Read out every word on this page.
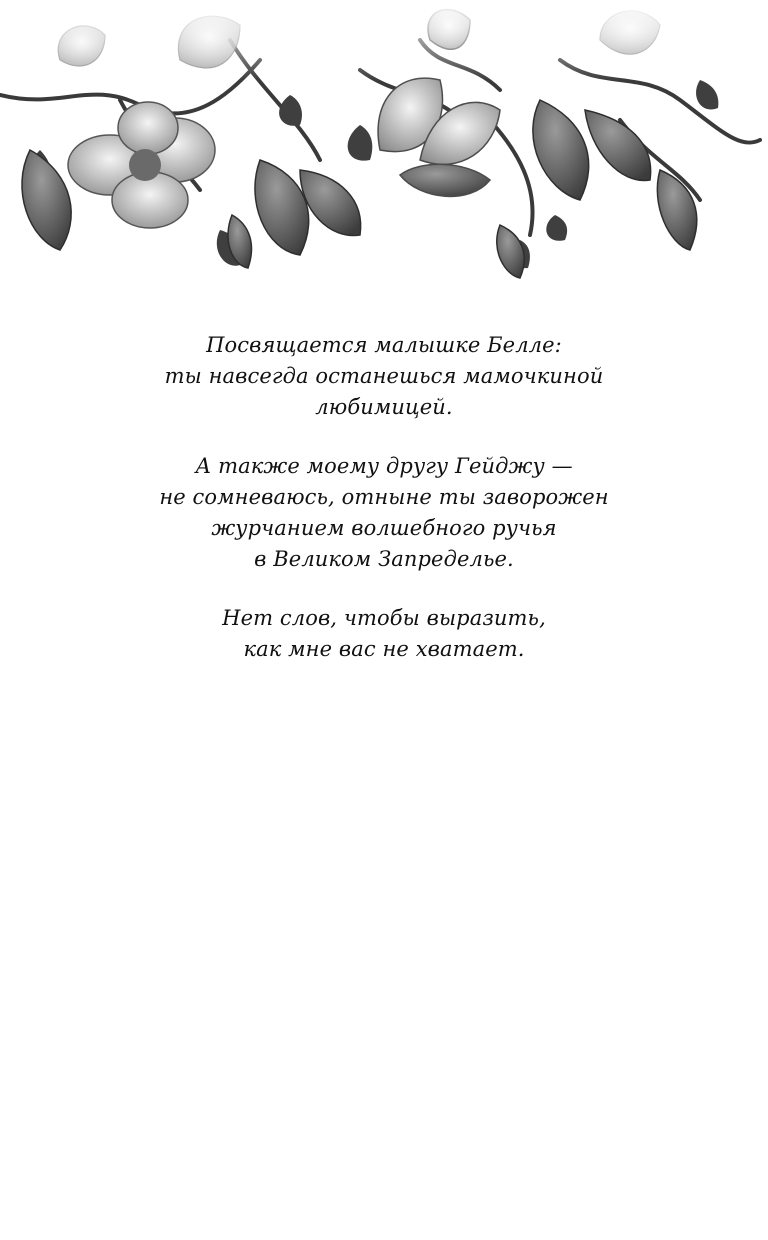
Посвящается малышке Белле:
ты навсегда останешься мамочкиной
любимицей.

А также моему другу Гейджу —
не сомневаюсь, отныне ты заворожен
журчанием волшебного ручья
в Великом Запределье.

Нет слов, чтобы выразить,
как мне вас не хватает.
